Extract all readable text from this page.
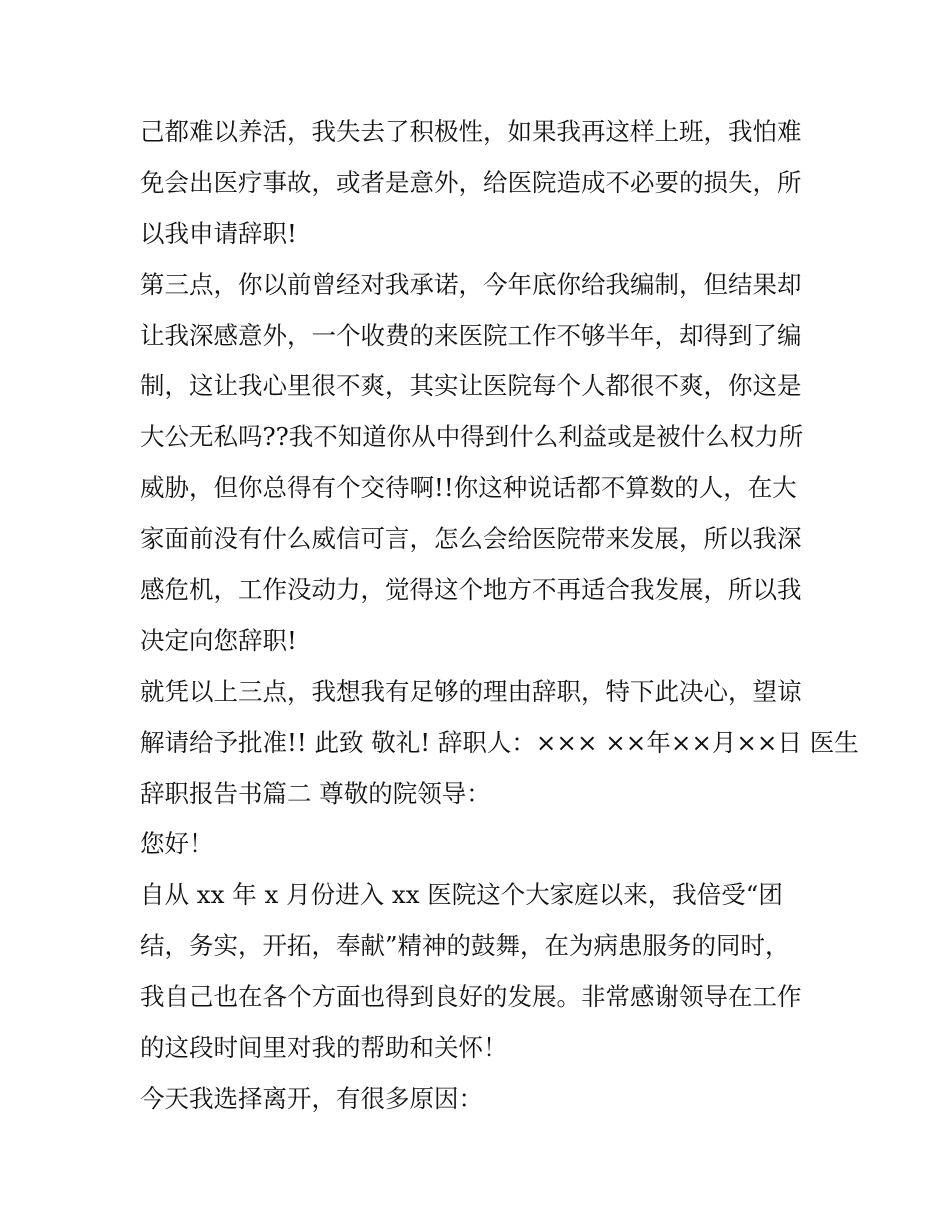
己都难以养活，我失去了积极性，如果我再这样上班，我怕难
免会出医疗事故，或者是意外，给医院造成不必要的损失，所
以我申请辞职!
第三点，你以前曾经对我承诺，今年底你给我编制，但结果却
让我深感意外，一个收费的来医院工作不够半年，却得到了编
制，这让我心里很不爽，其实让医院每个人都很不爽，你这是
大公无私吗??我不知道你从中得到什么利益或是被什么权力所
威胁，但你总得有个交待啊!!你这种说话都不算数的人，在大
家面前没有什么威信可言，怎么会给医院带来发展，所以我深
感危机，工作没动力，觉得这个地方不再适合我发展，所以我
决定向您辞职!
就凭以上三点，我想我有足够的理由辞职，特下此决心，望谅
解请给予批准!! 此致 敬礼! 辞职人：××× ××年××月××日 医生
辞职报告书篇二 尊敬的院领导：
您好！
自从 xx 年 x 月份进入 xx 医院这个大家庭以来，我倍受“团
结，务实，开拓，奉献”精神的鼓舞，在为病患服务的同时，
我自己也在各个方面也得到良好的发展。非常感谢领导在工作
的这段时间里对我的帮助和关怀！
今天我选择离开，有很多原因：
